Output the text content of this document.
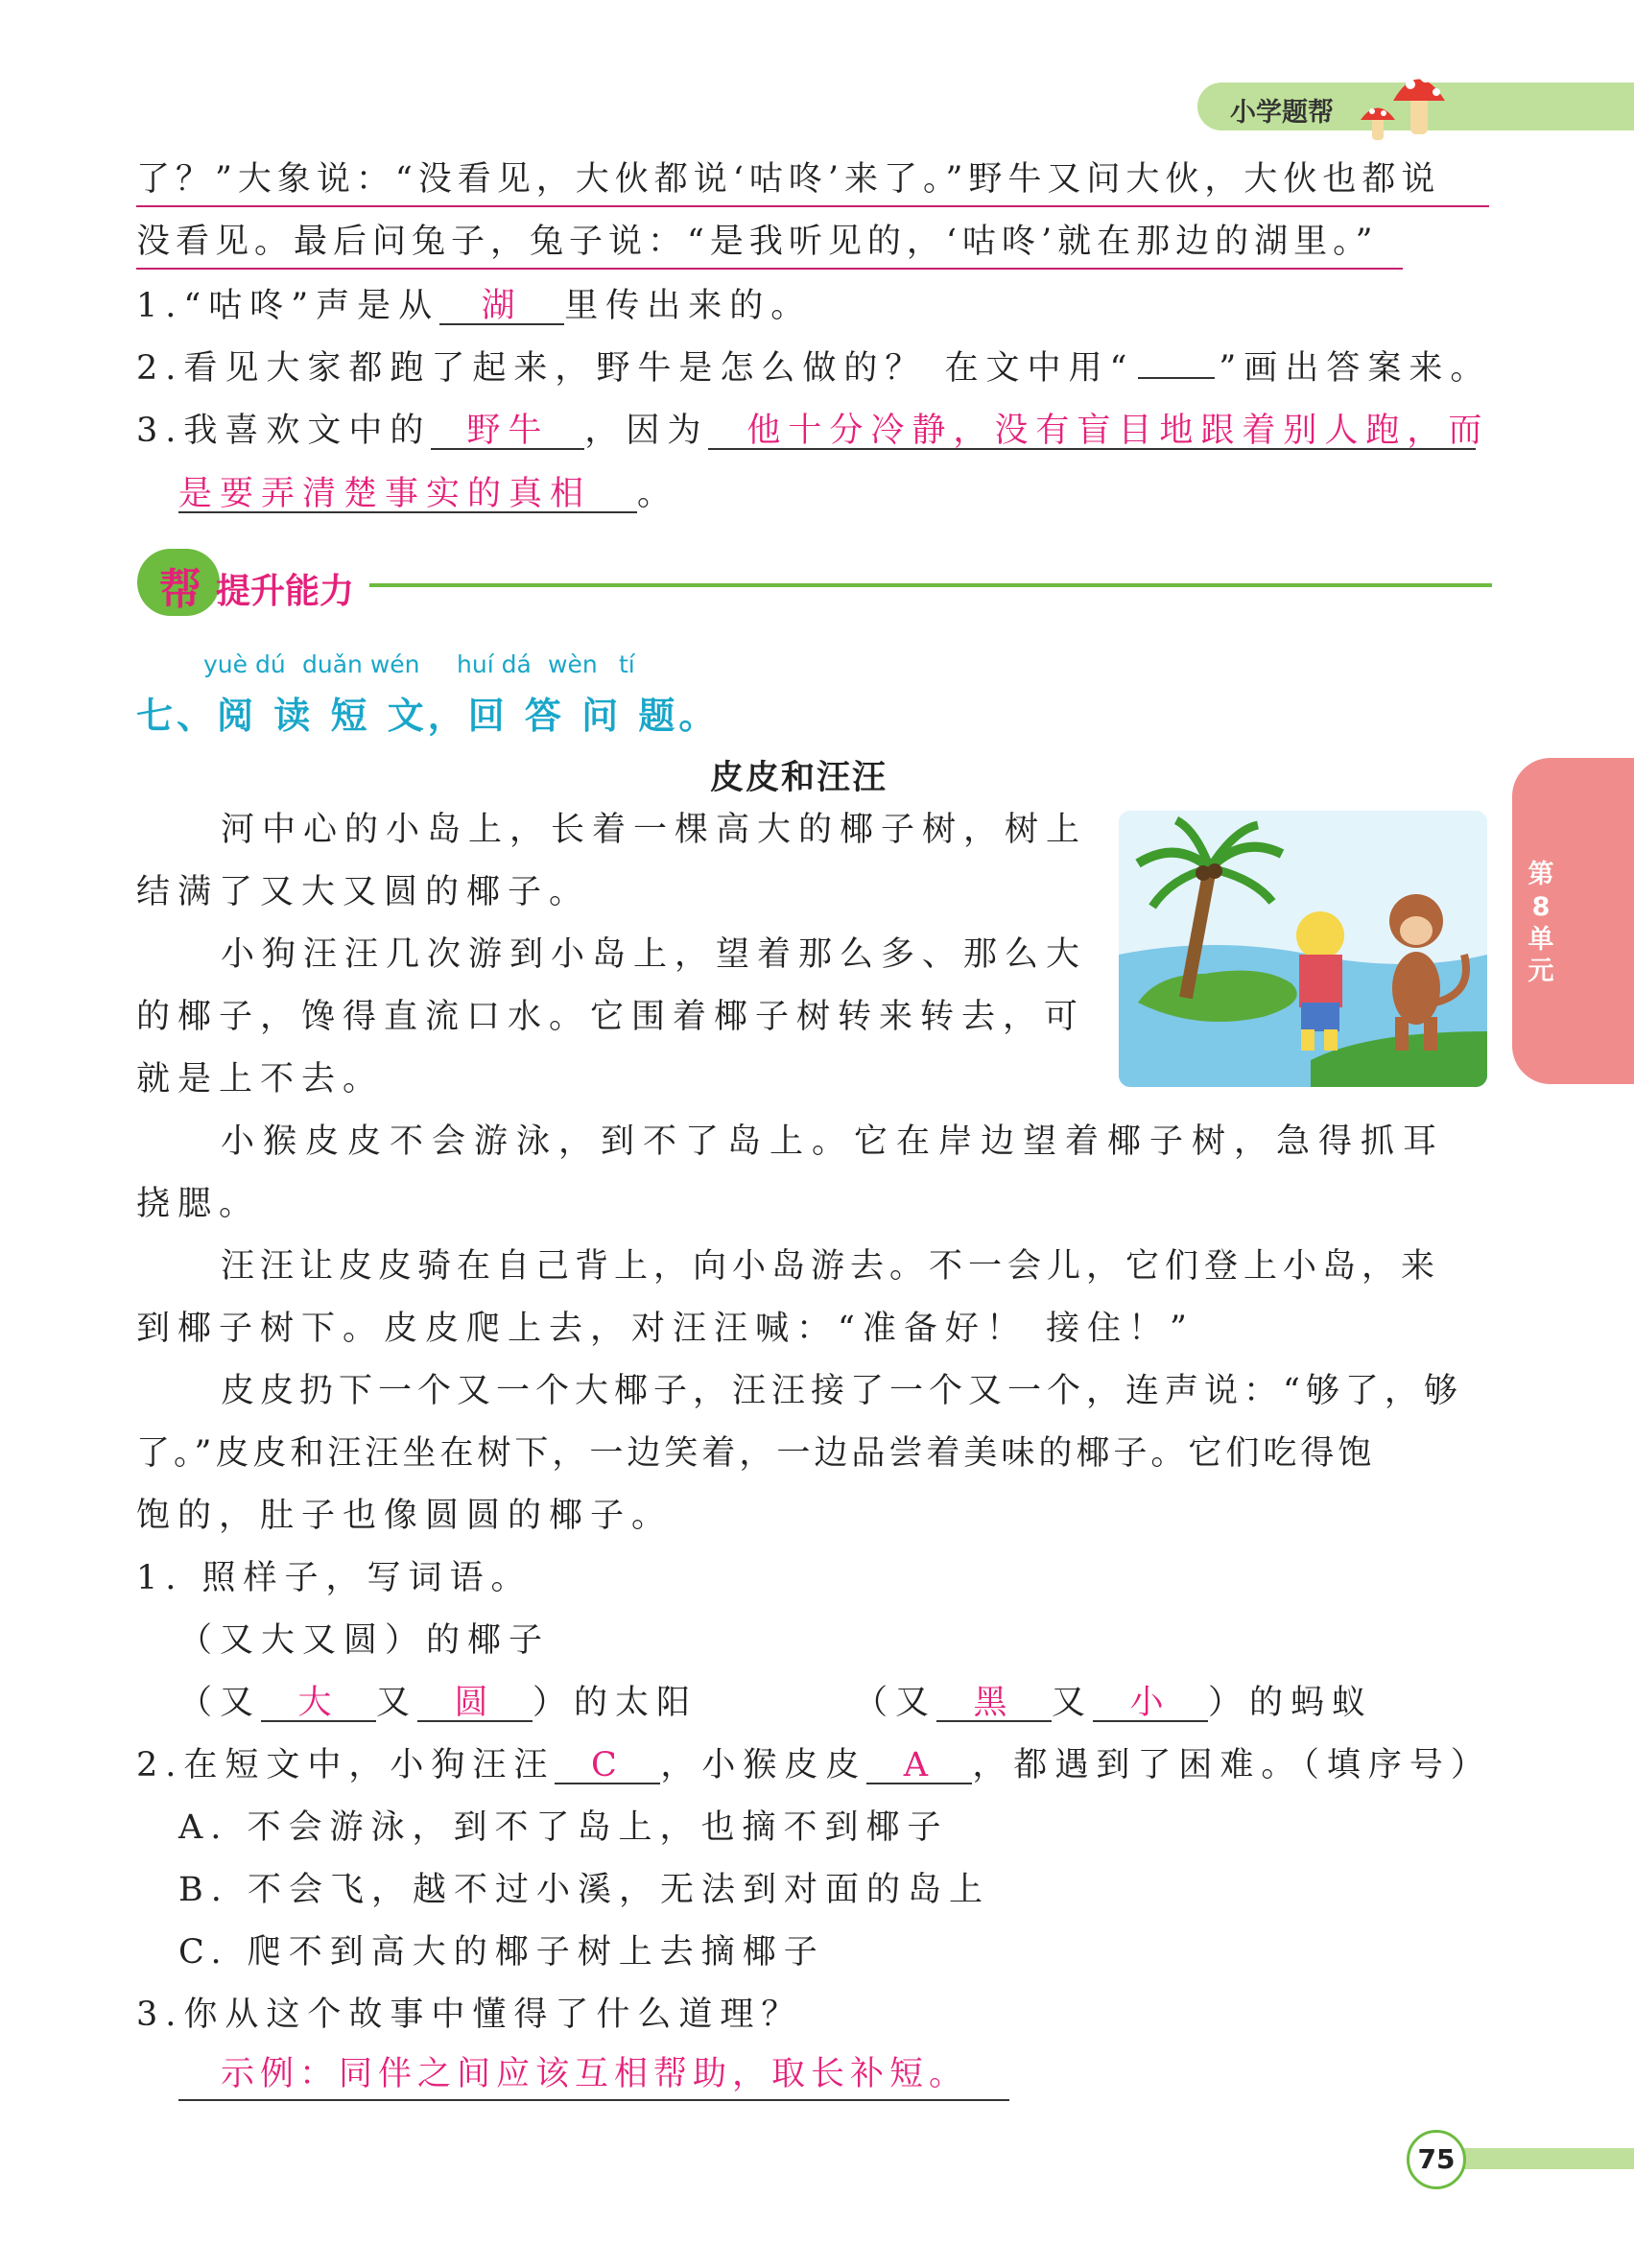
小学题帮
了？”大象说：“没看见，大伙都说‘咕咚’来了。”野牛又问大伙，大伙也都说
没看见。最后问兔子，兔子说：“是我听见的，‘咕咚’就在那边的湖里。”
1.“咕咚”声是从 湖 里传出来的。
2.看见大家都跑了起来，野牛是怎么做的？ 在文中用“	”画出答案来。
3.我喜欢文中的 野牛 ，因为 他十分冷静，没有盲目地跟着别人跑，而
是要弄清楚事实的真相 。
帮 提升能力
yuè dú duǎn wén huí dá wèn tí
七、阅 读 短 文，回 答 问 题。
皮皮和汪汪
河中心的小岛上，长着一棵高大的椰子树，树上
结满了又大又圆的椰子。
小狗汪汪几次游到小岛上，望着那么多、那么大
的椰子，馋得直流口水。它围着椰子树转来转去，可
就是上不去。
小猴皮皮不会游泳，到不了岛上。它在岸边望着椰子树，急得抓耳
挠腮。
汪汪让皮皮骑在自己背上，向小岛游去。不一会儿，它们登上小岛，来
到椰子树下。皮皮爬上去，对汪汪喊：“准备好！ 接住！”
皮皮扔下一个又一个大椰子，汪汪接了一个又一个，连声说：“够了，够
了。”皮皮和汪汪坐在树下，一边笑着，一边品尝着美味的椰子。它们吃得饱
饱的，肚子也像圆圆的椰子。
1. 照样子，写词语。
（又大又圆）的椰子
（又 大 又 圆 ）的太阳	（又 黑 又 小 ）的蚂蚁
2.在短文中，小狗汪汪 C ，小猴皮皮 A ，都遇到了困难。（填序号）
A. 不会游泳，到不了岛上，也摘不到椰子
B. 不会飞，越不过小溪，无法到对面的岛上
C. 爬不到高大的椰子树上去摘椰子
3.你从这个故事中懂得了什么道理？
示例：同伴之间应该互相帮助，取长补短。
第
8
单
元
75
